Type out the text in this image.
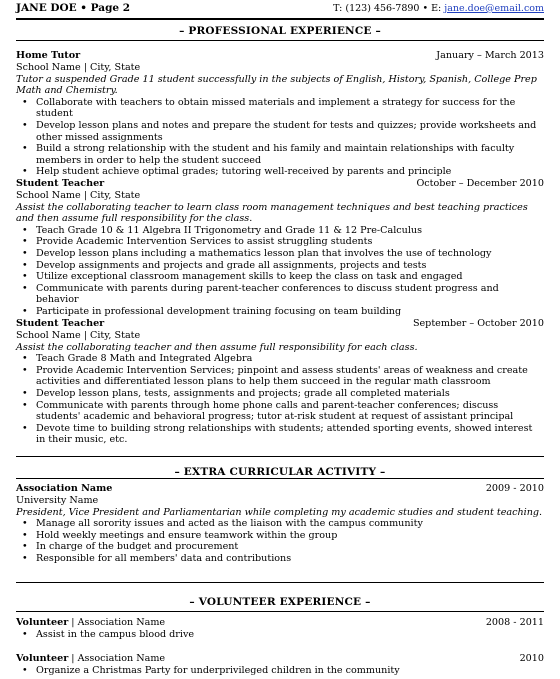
JANE DOE • Page 2	T: (123) 456-7890 • E: jane.doe@email.com
– PROFESSIONAL EXPERIENCE –
Home Tutor	January – March 2013
School Name | City, State
Tutor a suspended Grade 11 student successfully in the subjects of English, History, Spanish, College Prep Math and Chemistry.
• Collaborate with teachers to obtain missed materials and implement a strategy for success for the student
• Develop lesson plans and notes and prepare the student for tests and quizzes; provide worksheets and other missed assignments
• Build a strong relationship with the student and his family and maintain relationships with faculty members in order to help the student succeed
• Help student achieve optimal grades; tutoring well-received by parents and principle
Student Teacher	October – December 2010
School Name | City, State
Assist the collaborating teacher to learn class room management techniques and best teaching practices and then assume full responsibility for the class.
• Teach Grade 10 & 11 Algebra II Trigonometry and Grade 11 & 12 Pre-Calculus
• Provide Academic Intervention Services to assist struggling students
• Develop lesson plans including a mathematics lesson plan that involves the use of technology
• Develop assignments and projects and grade all assignments, projects and tests
• Utilize exceptional classroom management skills to keep the class on task and engaged
• Communicate with parents during parent-teacher conferences to discuss student progress and behavior
• Participate in professional development training focusing on team building
Student Teacher	September – October 2010
School Name | City, State
Assist the collaborating teacher and then assume full responsibility for each class.
• Teach Grade 8 Math and Integrated Algebra
• Provide Academic Intervention Services; pinpoint and assess students' areas of weakness and create activities and differentiated lesson plans to help them succeed in the regular math classroom
• Develop lesson plans, tests, assignments and projects; grade all completed materials
• Communicate with parents through home phone calls and parent-teacher conferences; discuss students' academic and behavioral progress; tutor at-risk student at request of assistant principal
• Devote time to building strong relationships with students; attended sporting events, showed interest in their music, etc.
– EXTRA CURRICULAR ACTIVITY –
Association Name	2009 - 2010
University Name
President, Vice President and Parliamentarian while completing my academic studies and student teaching.
• Manage all sorority issues and acted as the liaison with the campus community
• Hold weekly meetings and ensure teamwork within the group
• In charge of the budget and procurement
• Responsible for all members' data and contributions
– VOLUNTEER EXPERIENCE –
Volunteer | Association Name	2008 - 2011
• Assist in the campus blood drive
Volunteer | Association Name	2010
• Organize a Christmas Party for underprivileged children in the community
